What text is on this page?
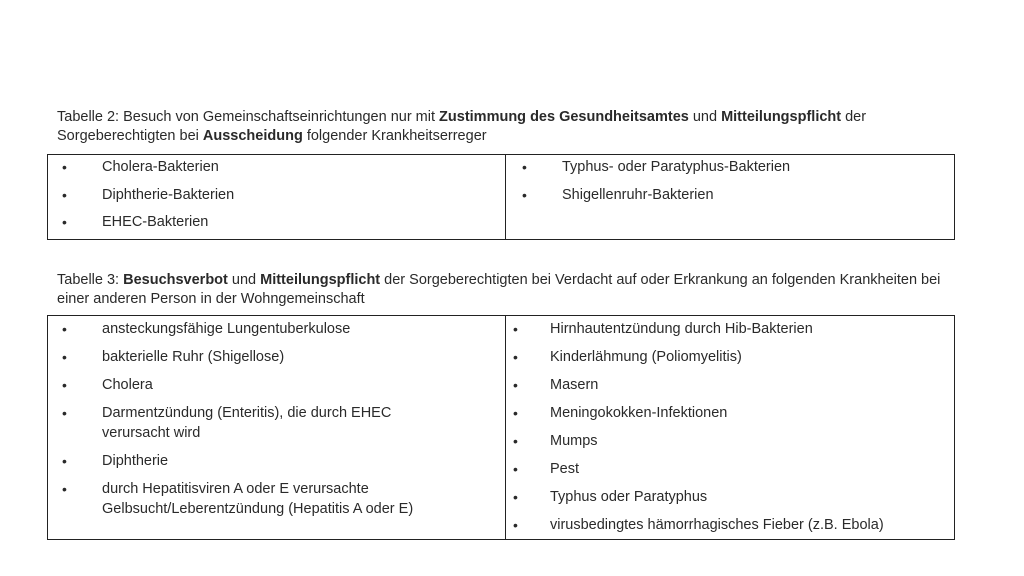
Tabelle 2: Besuch von Gemeinschaftseinrichtungen nur mit Zustimmung des Gesundheitsamtes und Mitteilungspflicht der Sorgeberechtigten bei Ausscheidung folgender Krankheitserreger
•	Cholera-Bakterien
•	Diphtherie-Bakterien
•	EHEC-Bakterien
•	Typhus- oder Paratyphus-Bakterien
•	Shigellenruhr-Bakterien
Tabelle 3: Besuchsverbot und Mitteilungspflicht der Sorgeberechtigten bei Verdacht auf oder Erkrankung an folgenden Krankheiten bei einer anderen Person in der Wohngemeinschaft
•	ansteckungsfähige Lungentuberkulose
•	bakterielle Ruhr (Shigellose)
•	Cholera
•	Darmentzündung (Enteritis), die durch EHEC verursacht wird
•	Diphtherie
•	durch Hepatitisviren A oder E verursachte Gelbsucht/Leberentzündung (Hepatitis A oder E)
•	Hirnhautentzündung durch Hib-Bakterien
•	Kinderlähmung (Poliomyelitis)
•	Masern
•	Meningokokken-Infektionen
•	Mumps
•	Pest
•	Typhus oder Paratyphus
•	virusbedingtes hämorrhagisches Fieber (z.B. Ebola)
